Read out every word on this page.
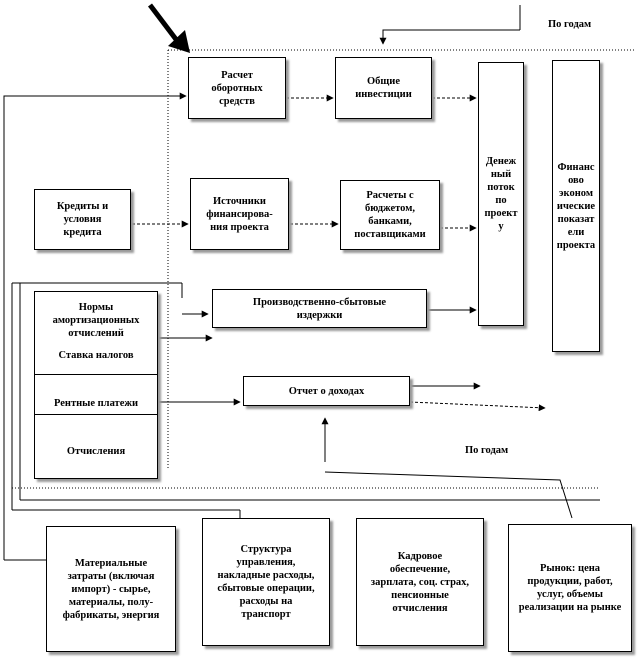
По годам
По годам
Расчет
оборотных
средств
Общие
инвестиции
Денеж
ный
поток
по
проект
у
Финанс
ово
эконом
ические
показат
ели
проекта
Кредиты и
условия
кредита
Источники
финансирова-
ния проекта
Расчеты с
бюджетом,
банками,
поставщиками

Нормы
амортизационных
отчислений

Ставка налогов

Рентные платежи

Отчисления

Производственно-сбытовые
издержки
Отчет о доходах
Материальные
затраты (включая
импорт) - сырье,
материалы, полу-
фабрикаты, энергия
Структура
управления,
накладные расходы,
сбытовые операции,
расходы на
транспорт
Кадровое
обеспечение,
зарплата, соц. страх,
пенсионные
отчисления
Рынок: цена
продукции, работ,
услуг, объемы
реализации на рынке
